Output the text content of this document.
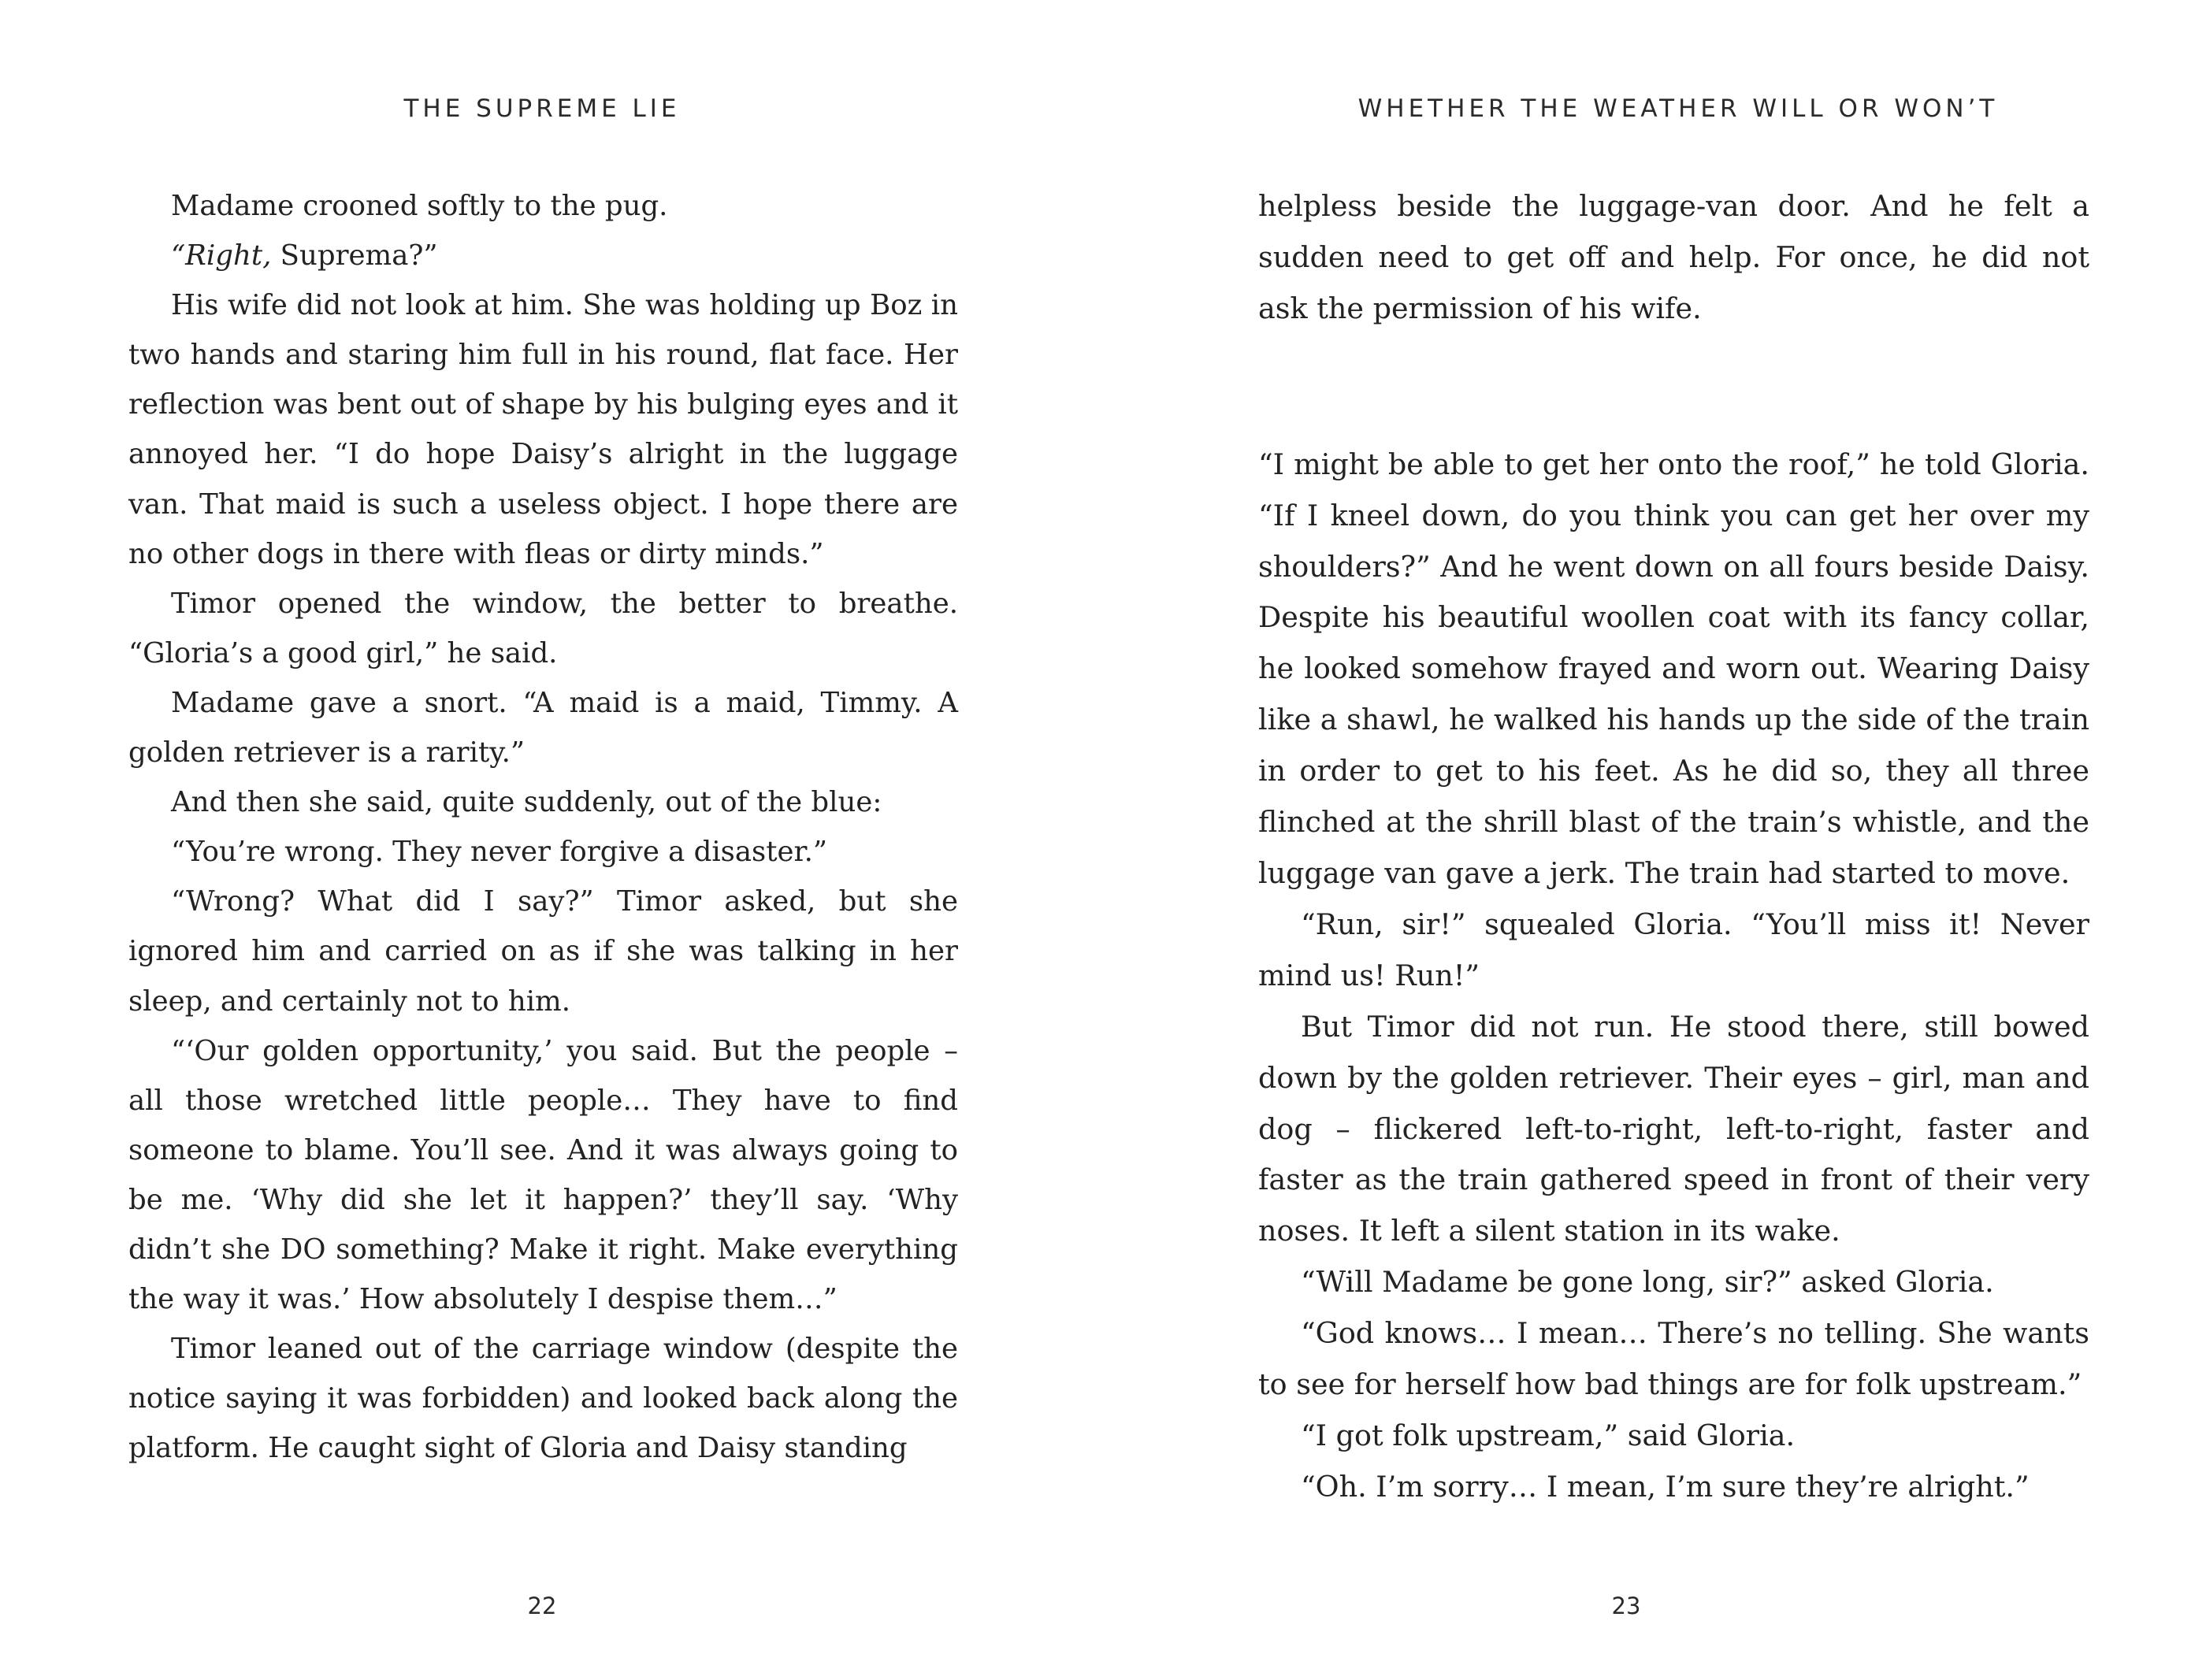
THE SUPREME LIE

Madame crooned softly to the pug.

“Right, Suprema?”

His wife did not look at him. She was holding up Boz in two hands and staring him full in his round, flat face. Her reflection was bent out of shape by his bulging eyes and it annoyed her. “I do hope Daisy’s alright in the luggage van. That maid is such a useless object. I hope there are no other dogs in there with fleas or dirty minds.”

Timor opened the window, the better to breathe. “Gloria’s a good girl,” he said.

Madame gave a snort. “A maid is a maid, Timmy. A golden retriever is a rarity.”

And then she said, quite suddenly, out of the blue:

“You’re wrong. They never forgive a disaster.”

“Wrong? What did I say?” Timor asked, but she ignored him and carried on as if she was talking in her sleep, and certainly not to him.

“‘Our golden opportunity,’ you said. But the people – all those wretched little people… They have to find someone to blame. You’ll see. And it was always going to be me. ‘Why did she let it happen?’ they’ll say. ‘Why didn’t she DO something? Make it right. Make everything the way it was.’ How absolutely I despise them…”

Timor leaned out of the carriage window (despite the notice saying it was forbidden) and looked back along the platform. He caught sight of Gloria and Daisy standing

22
WHETHER THE WEATHER WILL OR WON’T

helpless beside the luggage-van door. And he felt a sudden need to get off and help. For once, he did not ask the permission of his wife.

“I might be able to get her onto the roof,” he told Gloria. “If I kneel down, do you think you can get her over my shoulders?” And he went down on all fours beside Daisy. Despite his beautiful woollen coat with its fancy collar, he looked somehow frayed and worn out. Wearing Daisy like a shawl, he walked his hands up the side of the train in order to get to his feet. As he did so, they all three flinched at the shrill blast of the train’s whistle, and the luggage van gave a jerk. The train had started to move.

“Run, sir!” squealed Gloria. “You’ll miss it! Never mind us! Run!”

But Timor did not run. He stood there, still bowed down by the golden retriever. Their eyes – girl, man and dog – flickered left-to-right, left-to-right, faster and faster as the train gathered speed in front of their very noses. It left a silent station in its wake.

“Will Madame be gone long, sir?” asked Gloria.

“God knows… I mean… There’s no telling. She wants to see for herself how bad things are for folk upstream.”

“I got folk upstream,” said Gloria.

“Oh. I’m sorry… I mean, I’m sure they’re alright.”

23
